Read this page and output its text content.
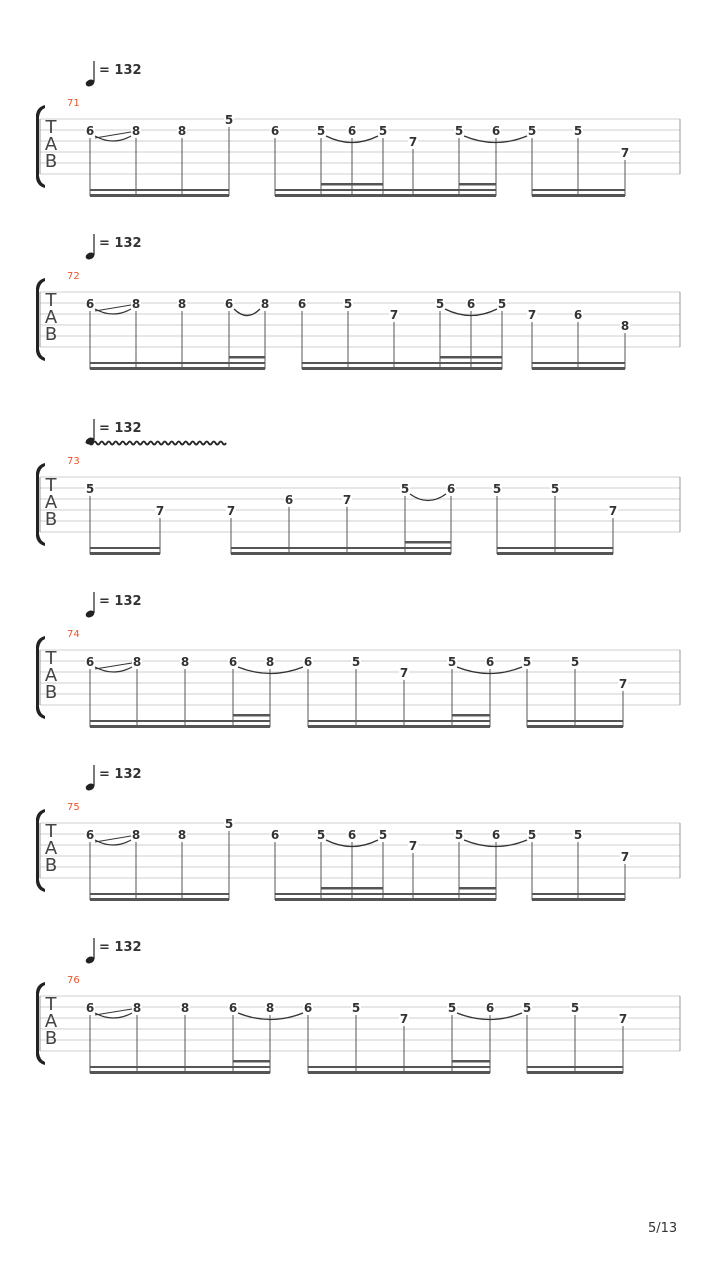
= 132
71
T
A
B
6	8	8
5
6	5 6 5
7
5 6 5	5
7
= 132
72
T
A
B
6	8	8	6 8 6	5
7
5 6 5
7	6
8
= 132
73
T
A
B
5
7	7
6	7
5	6	5	5
7
= 132
74
T
A
B
6	8	8	6 8 6	5
7
5 6 5	5
7
= 132
75
T
A
B
6	8	8
5
6	5 6 5
7
5 6 5	5
7
= 132
76
T
A
B
6	8	8	6 8 6	5
7
5 6 5	5
7
5/13
